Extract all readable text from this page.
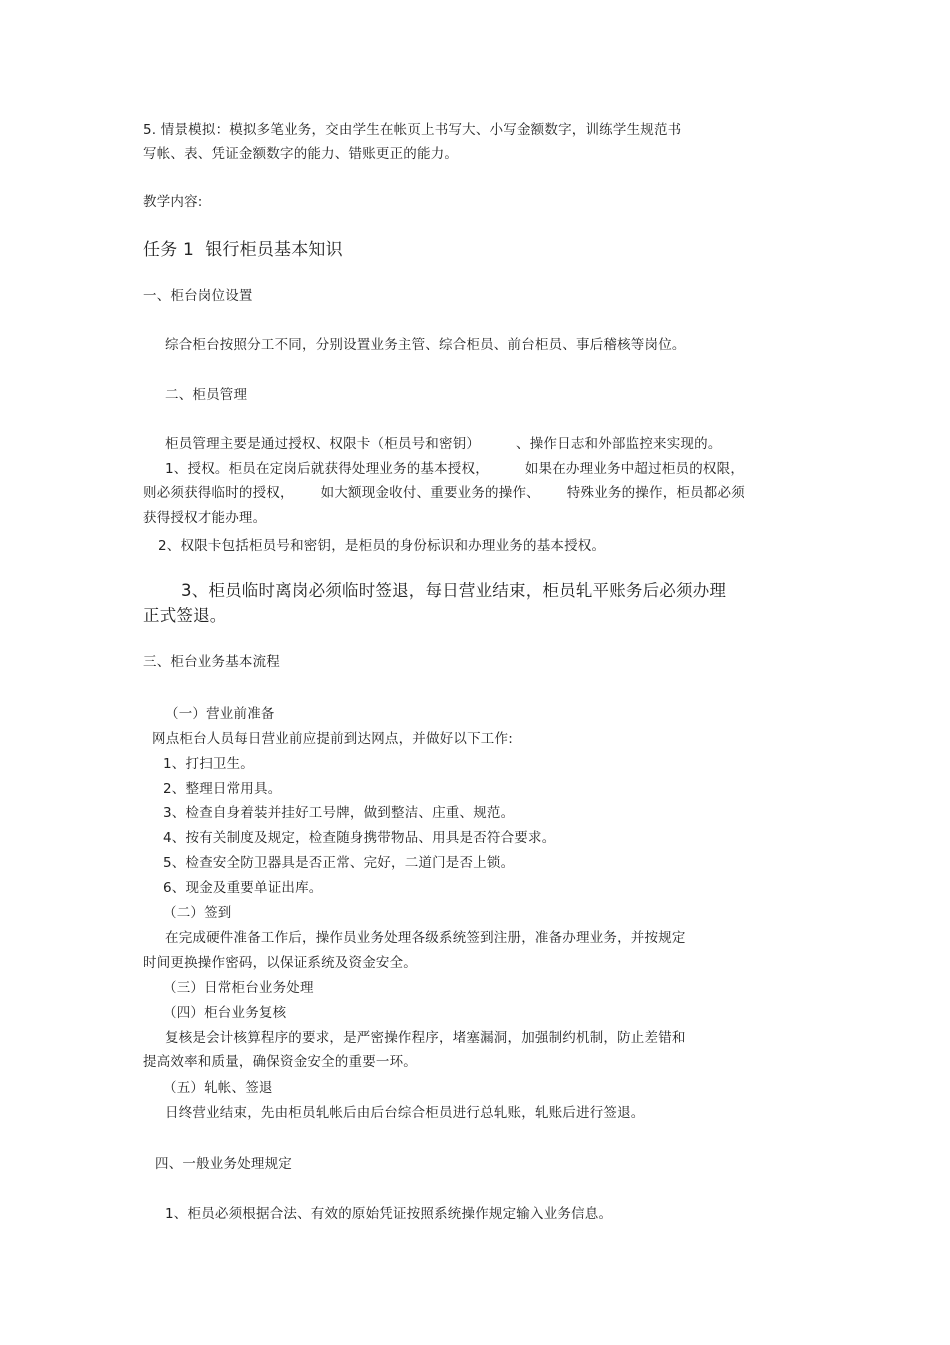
5. 情景模拟：模拟多笔业务，交由学生在帐页上书写大、小写金额数字，训练学生规范书
写帐、表、凭证金额数字的能力、错账更正的能力。
教学内容:
任务 1  银行柜员基本知识
一、柜台岗位设置
综合柜台按照分工不同，分别设置业务主管、综合柜员、前台柜员、事后稽核等岗位。
二、柜员管理
柜员管理主要是通过授权、权限卡（柜员号和密钥）        、操作日志和外部监控来实现的。
1、授权。柜员在定岗后就获得处理业务的基本授权，        如果在办理业务中超过柜员的权限，
则必须获得临时的授权，      如大额现金收付、重要业务的操作、      特殊业务的操作，柜员都必须
获得授权才能办理。
2、权限卡包括柜员号和密钥，是柜员的身份标识和办理业务的基本授权。
3、柜员临时离岗必须临时签退，每日营业结束，柜员轧平账务后必须办理
正式签退。
三、柜台业务基本流程
（一）营业前准备
网点柜台人员每日营业前应提前到达网点，并做好以下工作:
1、打扫卫生。
2、整理日常用具。
3、检查自身着装并挂好工号牌，做到整洁、庄重、规范。
4、按有关制度及规定，检查随身携带物品、用具是否符合要求。
5、检查安全防卫器具是否正常、完好，二道门是否上锁。
6、现金及重要单证出库。
（二）签到
在完成硬件准备工作后，操作员业务处理各级系统签到注册，准备办理业务，并按规定
时间更换操作密码，以保证系统及资金安全。
（三）日常柜台业务处理
（四）柜台业务复核
复核是会计核算程序的要求，是严密操作程序，堵塞漏洞，加强制约机制，防止差错和
提高效率和质量，确保资金安全的重要一环。
（五）轧帐、签退
日终营业结束，先由柜员轧帐后由后台综合柜员进行总轧账，轧账后进行签退。
四、一般业务处理规定
1、柜员必须根据合法、有效的原始凭证按照系统操作规定输入业务信息。
